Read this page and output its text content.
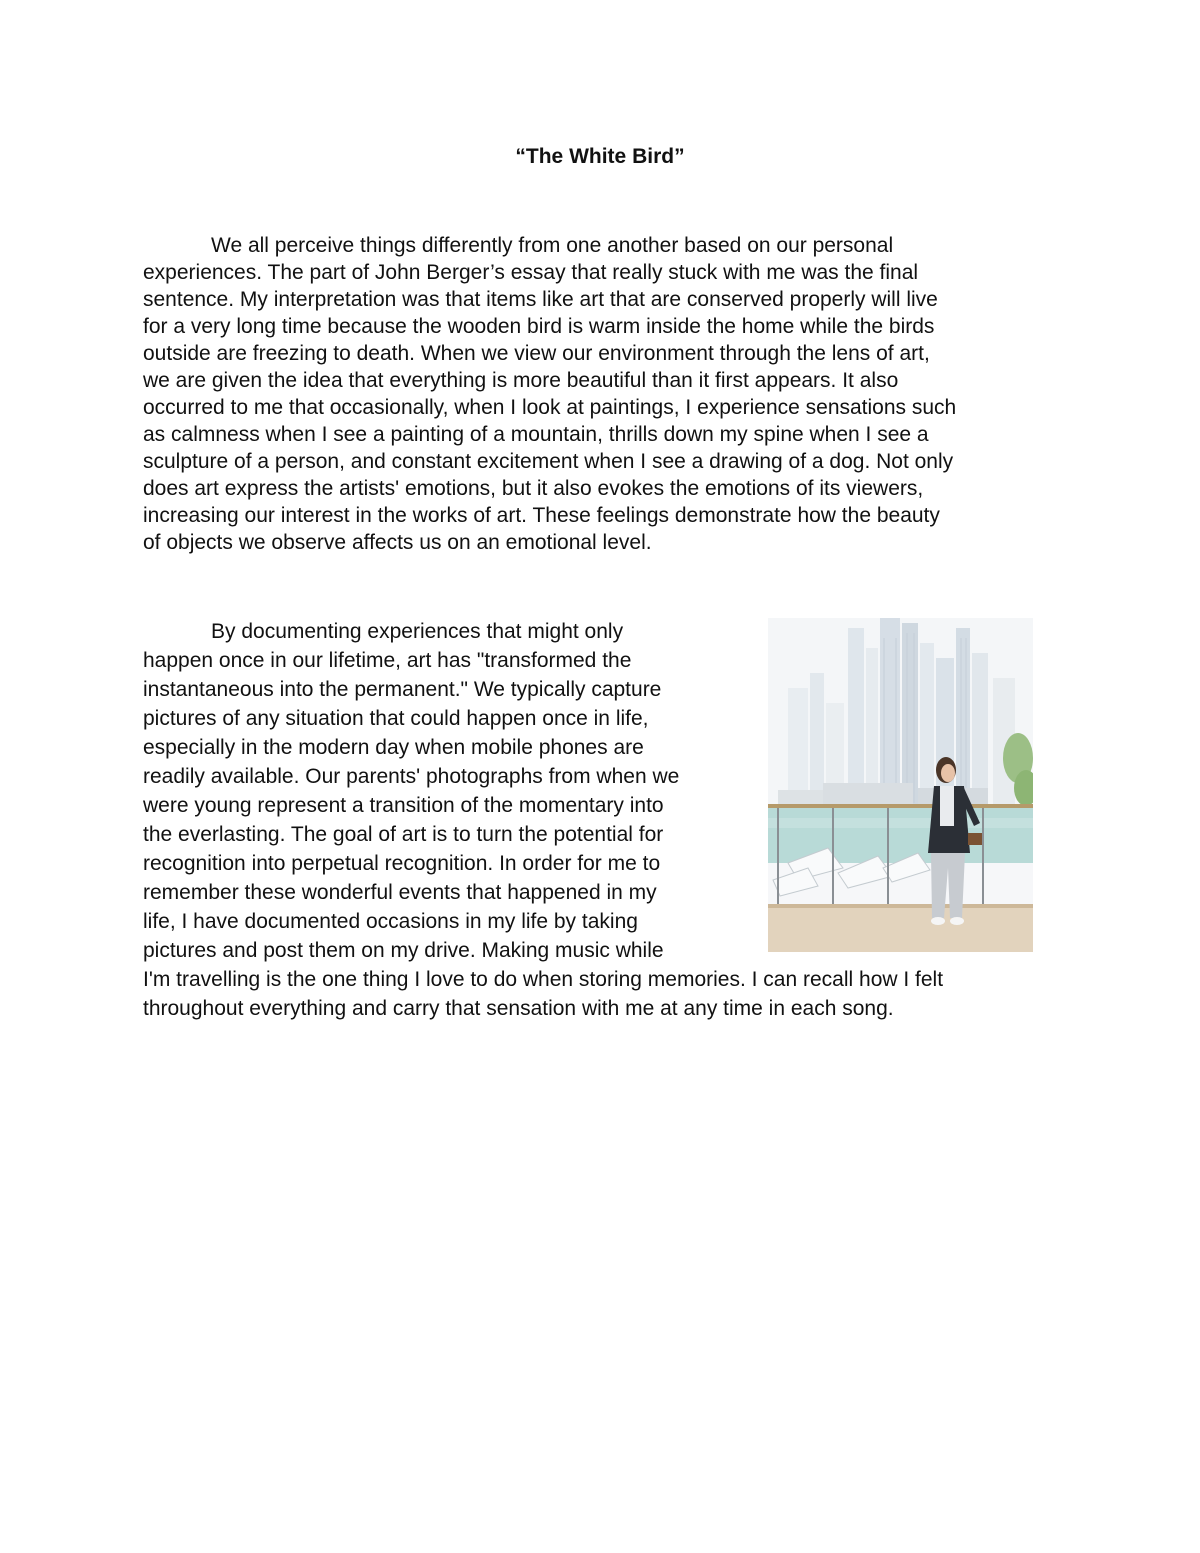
“The White Bird”
We all perceive things differently from one another based on our personal
experiences. The part of John Berger’s essay that really stuck with me was the final
sentence. My interpretation was that items like art that are conserved properly will live
for a very long time because the wooden bird is warm inside the home while the birds
outside are freezing to death. When we view our environment through the lens of art,
we are given the idea that everything is more beautiful than it first appears. It also
occurred to me that occasionally, when I look at paintings, I experience sensations such
as calmness when I see a painting of a mountain, thrills down my spine when I see a
sculpture of a person, and constant excitement when I see a drawing of a dog. Not only
does art express the artists' emotions, but it also evokes the emotions of its viewers,
increasing our interest in the works of art. These feelings demonstrate how the beauty
of objects we observe affects us on an emotional level.
By documenting experiences that might only
happen once in our lifetime, art has "transformed the
instantaneous into the permanent." We typically capture
pictures of any situation that could happen once in life,
especially in the modern day when mobile phones are
readily available. Our parents' photographs from when we
were young represent a transition of the momentary into
the everlasting. The goal of art is to turn the potential for
recognition into perpetual recognition. In order for me to
remember these wonderful events that happened in my
life, I have documented occasions in my life by taking
pictures and post them on my drive. Making music while
I'm travelling is the one thing I love to do when storing memories. I can recall how I felt
throughout everything and carry that sensation with me at any time in each song.
